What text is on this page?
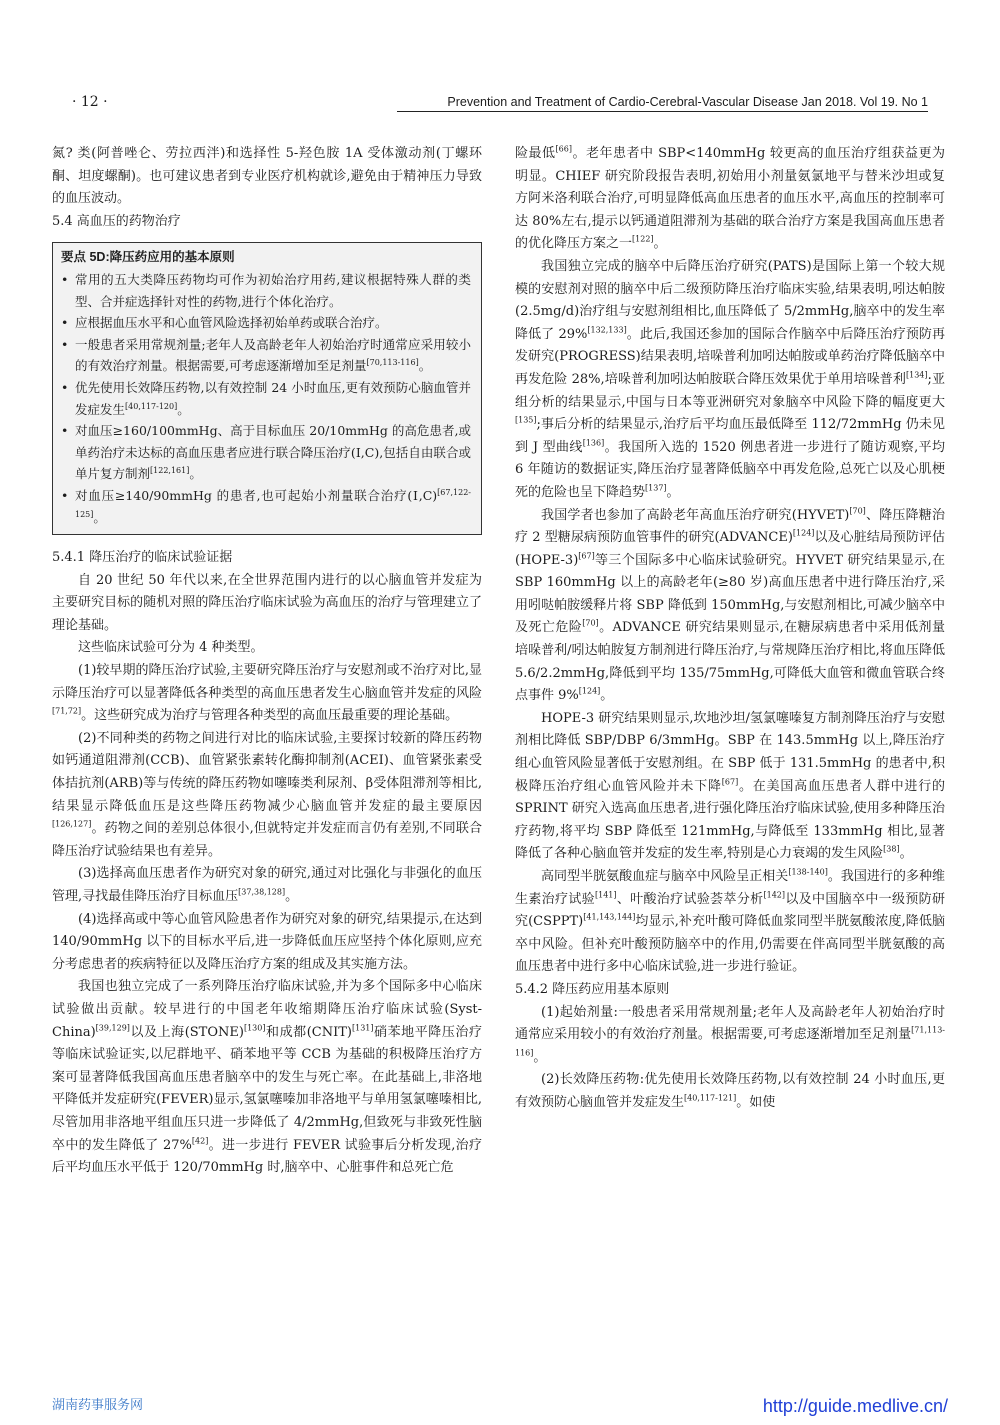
· 12 ·	Prevention and Treatment of Cardio-Cerebral-Vascular Disease Jan 2018. Vol 19. No 1

氮? 类(阿普唑仑、劳拉西泮)和选择性 5-羟色胺 1A 受体激动剂(丁螺环酮、坦度螺酮)。也可建议患者到专业医疗机构就诊,避免由于精神压力导致的血压波动。

5.4 高血压的药物治疗

要点 5D:降压药应用的基本原则
• 常用的五大类降压药物均可作为初始治疗用药,建议根据特殊人群的类型、合并症选择针对性的药物,进行个体化治疗。
• 应根据血压水平和心血管风险选择初始单药或联合治疗。
• 一般患者采用常规剂量;老年人及高龄老年人初始治疗时通常应采用较小的有效治疗剂量。根据需要,可考虑逐渐增加至足剂量[70,113-116]。
• 优先使用长效降压药物,以有效控制 24 小时血压,更有效预防心脑血管并发症发生[40,117-120]。
• 对血压≥160/100mmHg、高于目标血压 20/10mmHg 的高危患者,或单药治疗未达标的高血压患者应进行联合降压治疗(Ⅰ,C),包括自由联合或单片复方制剂[122,161]。
• 对血压≥140/90mmHg 的患者,也可起始小剂量联合治疗(Ⅰ,C)[67,122-125]。

5.4.1 降压治疗的临床试验证据

自 20 世纪 50 年代以来,在全世界范围内进行的以心脑血管并发症为主要研究目标的随机对照的降压治疗临床试验为高血压的治疗与管理建立了理论基础。

这些临床试验可分为 4 种类型。

(1)较早期的降压治疗试验,主要研究降压治疗与安慰剂或不治疗对比,显示降压治疗可以显著降低各种类型的高血压患者发生心脑血管并发症的风险[71,72]。这些研究成为治疗与管理各种类型的高血压最重要的理论基础。

(2)不同种类的药物之间进行对比的临床试验,主要探讨较新的降压药物如钙通道阻滞剂(CCB)、血管紧张素转化酶抑制剂(ACEI)、血管紧张素受体拮抗剂(ARB)等与传统的降压药物如噻嗪类利尿剂、β受体阻滞剂等相比,结果显示降低血压是这些降压药物减少心脑血管并发症的最主要原因[126,127]。药物之间的差别总体很小,但就特定并发症而言仍有差别,不同联合降压治疗试验结果也有差异。

(3)选择高血压患者作为研究对象的研究,通过对比强化与非强化的血压管理,寻找最佳降压治疗目标血压[37,38,128]。

(4)选择高或中等心血管风险患者作为研究对象的研究,结果提示,在达到 140/90mmHg 以下的目标水平后,进一步降低血压应坚持个体化原则,应充分考虑患者的疾病特征以及降压治疗方案的组成及其实施方法。

我国也独立完成了一系列降压治疗临床试验,并为多个国际多中心临床试验做出贡献。较早进行的中国老年收缩期降压治疗临床试验(Syst-China)[39,129]以及上海(STONE)[130]和成都(CNIT)[131]硝苯地平降压治疗等临床试验证实,以尼群地平、硝苯地平等 CCB 为基础的积极降压治疗方案可显著降低我国高血压患者脑卒中的发生与死亡率。在此基础上,非洛地平降低并发症研究(FEVER)显示,氢氯噻嗪加非洛地平与单用氢氯噻嗪相比,尽管加用非洛地平组血压只进一步降低了 4/2mmHg,但致死与非致死性脑卒中的发生降低了 27%[42]。进一步进行 FEVER 试验事后分析发现,治疗后平均血压水平低于 120/70mmHg 时,脑卒中、心脏事件和总死亡危

险最低[66]。老年患者中 SBP<140mmHg 较更高的血压治疗组获益更为明显。CHIEF 研究阶段报告表明,初始用小剂量氨氯地平与替米沙坦或复方阿米洛利联合治疗,可明显降低高血压患者的血压水平,高血压的控制率可达 80%左右,提示以钙通道阻滞剂为基础的联合治疗方案是我国高血压患者的优化降压方案之一[122]。

我国独立完成的脑卒中后降压治疗研究(PATS)是国际上第一个较大规模的安慰剂对照的脑卒中后二级预防降压治疗临床实验,结果表明,吲达帕胺(2.5mg/d)治疗组与安慰剂组相比,血压降低了 5/2mmHg,脑卒中的发生率降低了 29%[132,133]。此后,我国还参加的国际合作脑卒中后降压治疗预防再发研究(PROGRESS)结果表明,培哚普利加吲达帕胺或单药治疗降低脑卒中再发危险 28%,培哚普利加吲达帕胺联合降压效果优于单用培哚普利[134];亚组分析的结果显示,中国与日本等亚洲研究对象脑卒中风险下降的幅度更大[135];事后分析的结果显示,治疗后平均血压最低降至 112/72mmHg 仍未见到 J 型曲线[136]。我国所入选的 1520 例患者进一步进行了随访观察,平均 6 年随访的数据证实,降压治疗显著降低脑卒中再发危险,总死亡以及心肌梗死的危险也呈下降趋势[137]。

我国学者也参加了高龄老年高血压治疗研究(HYVET)[70]、降压降糖治疗 2 型糖尿病预防血管事件的研究(ADVANCE)[124]以及心脏结局预防评估(HOPE-3)[67]等三个国际多中心临床试验研究。HYVET 研究结果显示,在 SBP 160mmHg 以上的高龄老年(≥80 岁)高血压患者中进行降压治疗,采用吲哒帕胺缓释片将 SBP 降低到 150mmHg,与安慰剂相比,可减少脑卒中及死亡危险[70]。ADVANCE 研究结果则显示,在糖尿病患者中采用低剂量培哚普利/吲达帕胺复方制剂进行降压治疗,与常规降压治疗相比,将血压降低 5.6/2.2mmHg,降低到平均 135/75mmHg,可降低大血管和微血管联合终点事件 9%[124]。

HOPE-3 研究结果则显示,坎地沙坦/氢氯噻嗪复方制剂降压治疗与安慰剂相比降低 SBP/DBP 6/3mmHg。SBP 在 143.5mmHg 以上,降压治疗组心血管风险显著低于安慰剂组。在 SBP 低于 131.5mmHg 的患者中,积极降压治疗组心血管风险并未下降[67]。在美国高血压患者人群中进行的 SPRINT 研究入选高血压患者,进行强化降压治疗临床试验,使用多种降压治疗药物,将平均 SBP 降低至 121mmHg,与降低至 133mmHg 相比,显著降低了各种心脑血管并发症的发生率,特别是心力衰竭的发生风险[38]。

高同型半胱氨酸血症与脑卒中风险呈正相关[138-140]。我国进行的多种维生素治疗试验[141]、叶酸治疗试验荟萃分析[142]以及中国脑卒中一级预防研究(CSPPT)[41,143,144]均显示,补充叶酸可降低血浆同型半胱氨酸浓度,降低脑卒中风险。但补充叶酸预防脑卒中的作用,仍需要在伴高同型半胱氨酸的高血压患者中进行多中心临床试验,进一步进行验证。

5.4.2 降压药应用基本原则

(1)起始剂量:一般患者采用常规剂量;老年人及高龄老年人初始治疗时通常应采用较小的有效治疗剂量。根据需要,可考虑逐渐增加至足剂量[71,113-116]。

(2)长效降压药物:优先使用长效降压药物,以有效控制 24 小时血压,更有效预防心脑血管并发症发生[40,117-121]。如使

湖南药事服务网	http://guide.medlive.cn/
